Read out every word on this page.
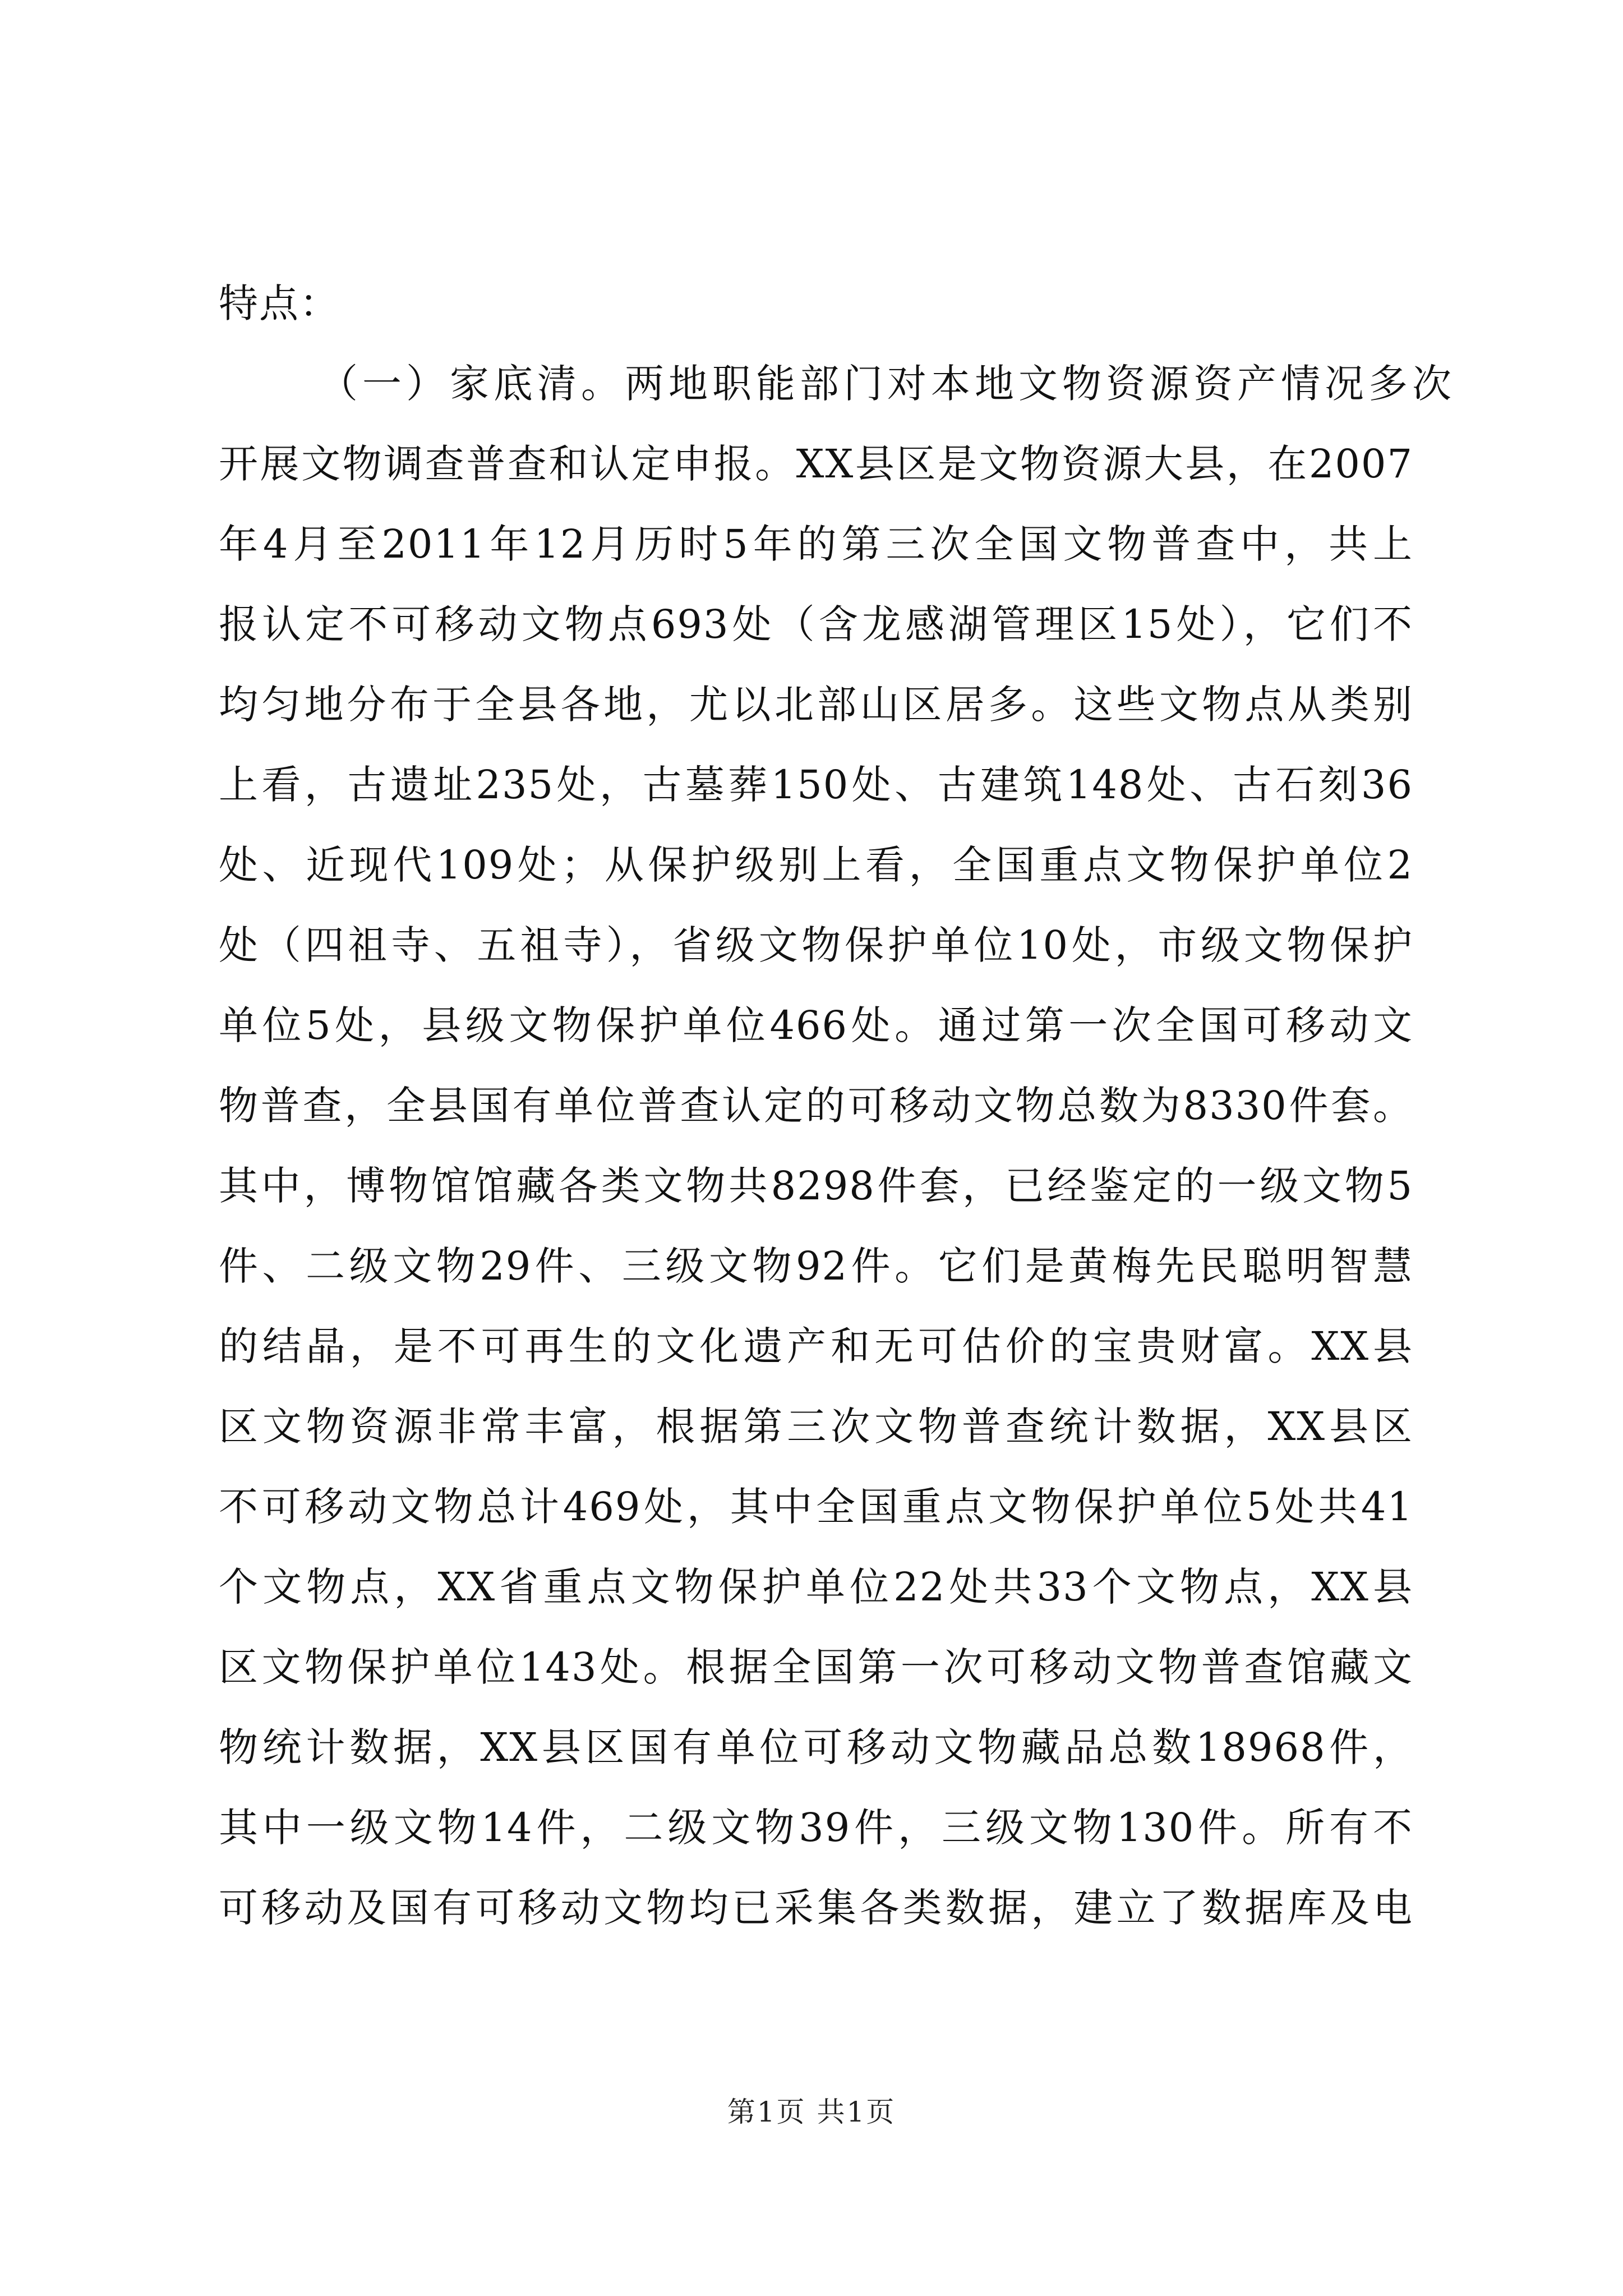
特点：
（一）家底清。两地职能部门对本地文物资源资产情况多次
开展文物调查普查和认定申报。XX县区是文物资源大县，在2007
年4月至2011年12月历时5年的第三次全国文物普查中，共上
报认定不可移动文物点693处（含龙感湖管理区15处），它们不
均匀地分布于全县各地，尤以北部山区居多。这些文物点从类别
上看，古遗址235处，古墓葬150处、古建筑148处、古石刻36
处、近现代109处；从保护级别上看，全国重点文物保护单位2
处（四祖寺、五祖寺），省级文物保护单位10处，市级文物保护
单位5处，县级文物保护单位466处。通过第一次全国可移动文
物普查，全县国有单位普查认定的可移动文物总数为8330件套。
其中，博物馆馆藏各类文物共8298件套，已经鉴定的一级文物5
件、二级文物29件、三级文物92件。它们是黄梅先民聪明智慧
的结晶，是不可再生的文化遗产和无可估价的宝贵财富。XX县
区文物资源非常丰富，根据第三次文物普查统计数据，XX县区
不可移动文物总计469处，其中全国重点文物保护单位5处共41
个文物点，XX省重点文物保护单位22处共33个文物点，XX县
区文物保护单位143处。根据全国第一次可移动文物普查馆藏文
物统计数据，XX县区国有单位可移动文物藏品总数18968件，
其中一级文物14件，二级文物39件，三级文物130件。所有不
可移动及国有可移动文物均已采集各类数据，建立了数据库及电
第1页 共1页
